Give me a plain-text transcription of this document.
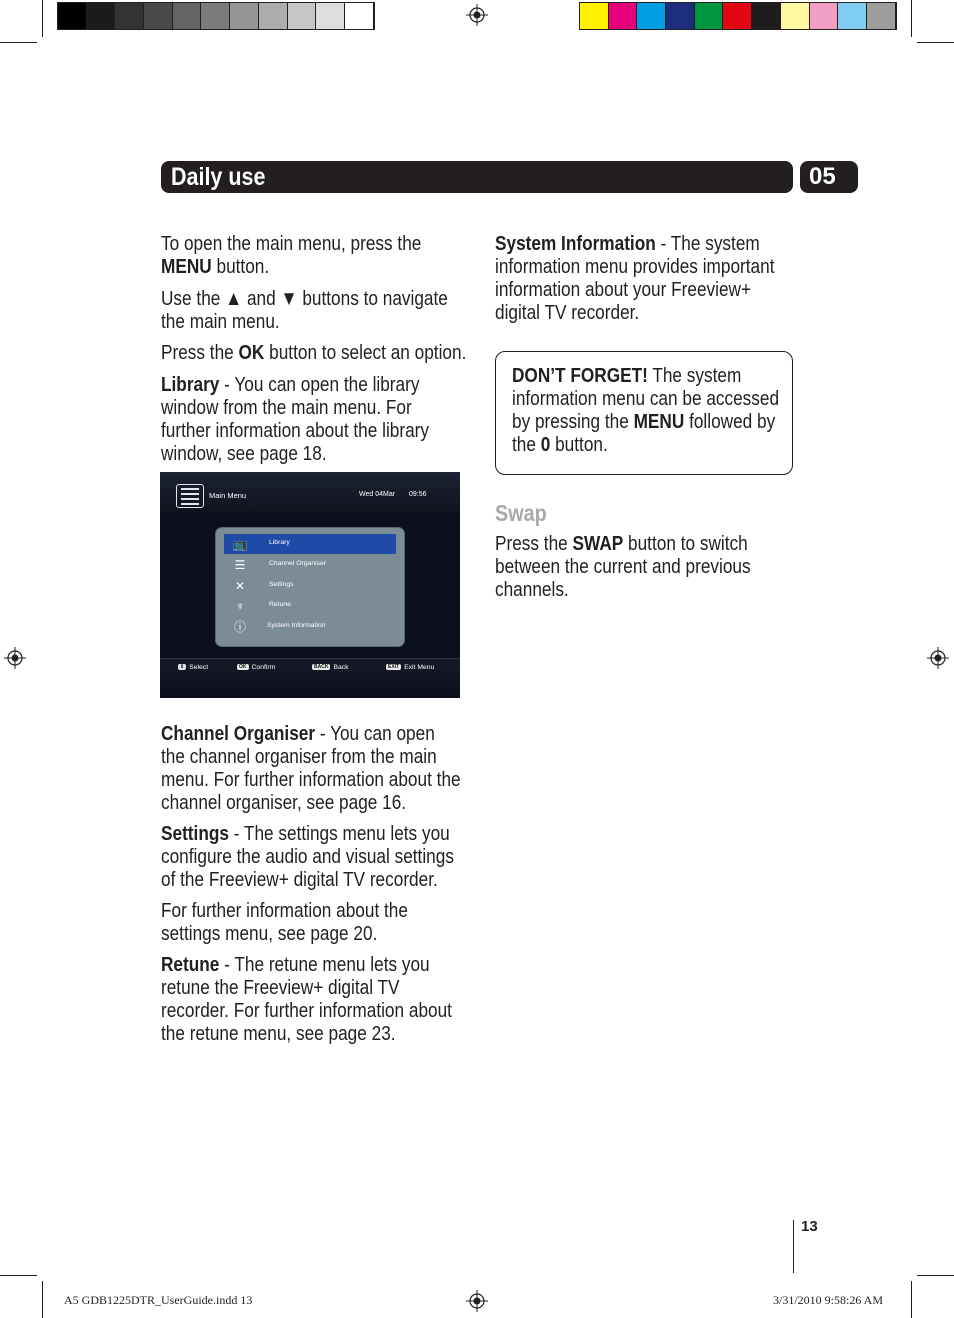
Daily use	05
To open the main menu, press the
MENU button.
Use the ▲ and ▼ buttons to navigate
the main menu.
Press the OK button to select an option.
Library - You can open the library
window from the main menu. For
further information about the library
window, see page 18.
Main Menu	Wed 04Mar 09:56
📺	Library
☰	Channel Organiser
✕	Settings
♆	Retune
ⓘ	System Information
⇕ Select	OK Confirm	BACK Back	EXIT Exit Menu
Channel Organiser - You can open
the channel organiser from the main
menu. For further information about the
channel organiser, see page 16.
Settings - The settings menu lets you
configure the audio and visual settings
of the Freeview+ digital TV recorder.
For further information about the
settings menu, see page 20.
Retune - The retune menu lets you
retune the Freeview+ digital TV
recorder. For further information about
the retune menu, see page 23.
System Information - The system
information menu provides important
information about your Freeview+
digital TV recorder.
DON’T FORGET! The system
information menu can be accessed
by pressing the MENU followed by
the 0 button.
Swap
Press the SWAP button to switch
between the current and previous
channels.
13
A5 GDB1225DTR_UserGuide.indd 13	3/31/2010 9:58:26 AM
